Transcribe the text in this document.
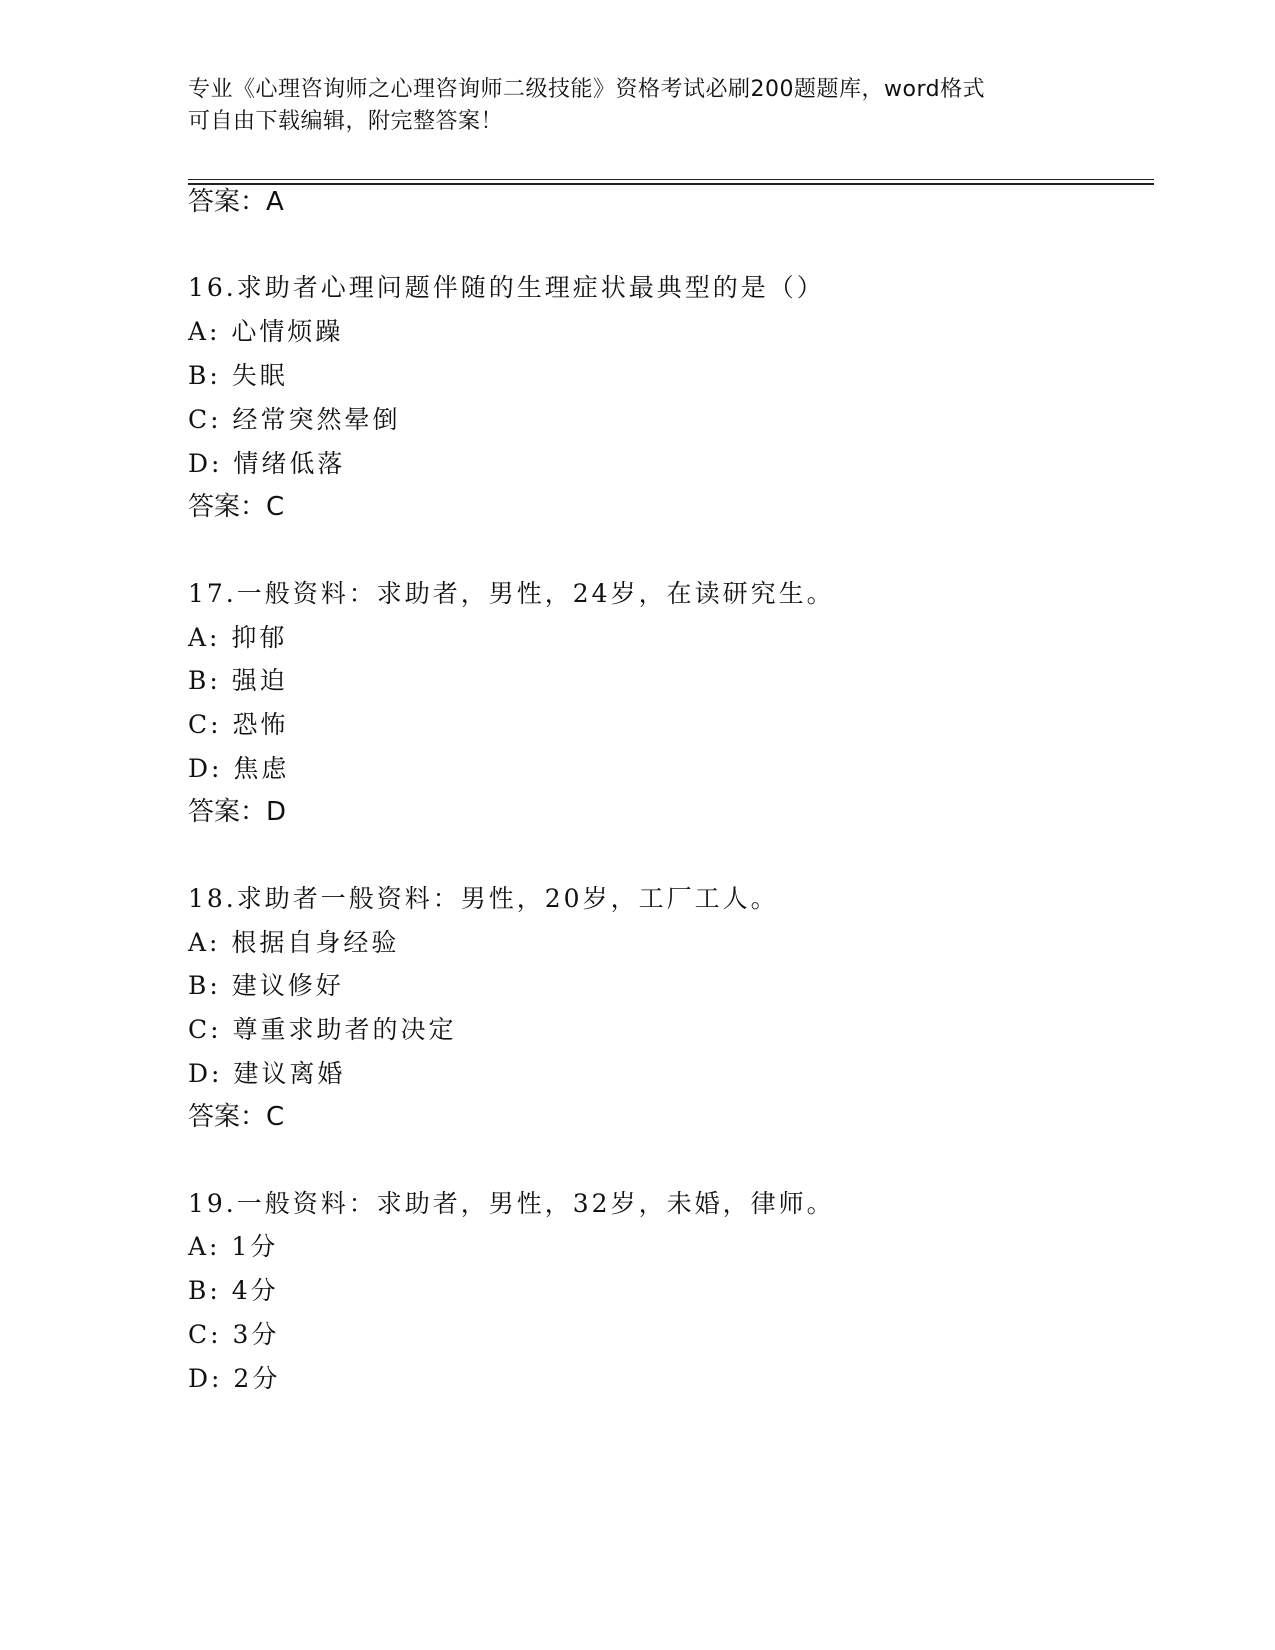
专业《心理咨询师之心理咨询师二级技能》资格考试必刷200题题库，word格式
可自由下载编辑，附完整答案！
答案：A
16.求助者心理问题伴随的生理症状最典型的是（）
A: 心情烦躁
B: 失眠
C: 经常突然晕倒
D: 情绪低落
答案：C
17.一般资料：求助者，男性，24岁，在读研究生。
A: 抑郁
B: 强迫
C: 恐怖
D: 焦虑
答案：D
18.求助者一般资料：男性，20岁，工厂工人。
A: 根据自身经验
B: 建议修好
C: 尊重求助者的决定
D: 建议离婚
答案：C
19.一般资料：求助者，男性，32岁，未婚，律师。
A: 1分
B: 4分
C: 3分
D: 2分
